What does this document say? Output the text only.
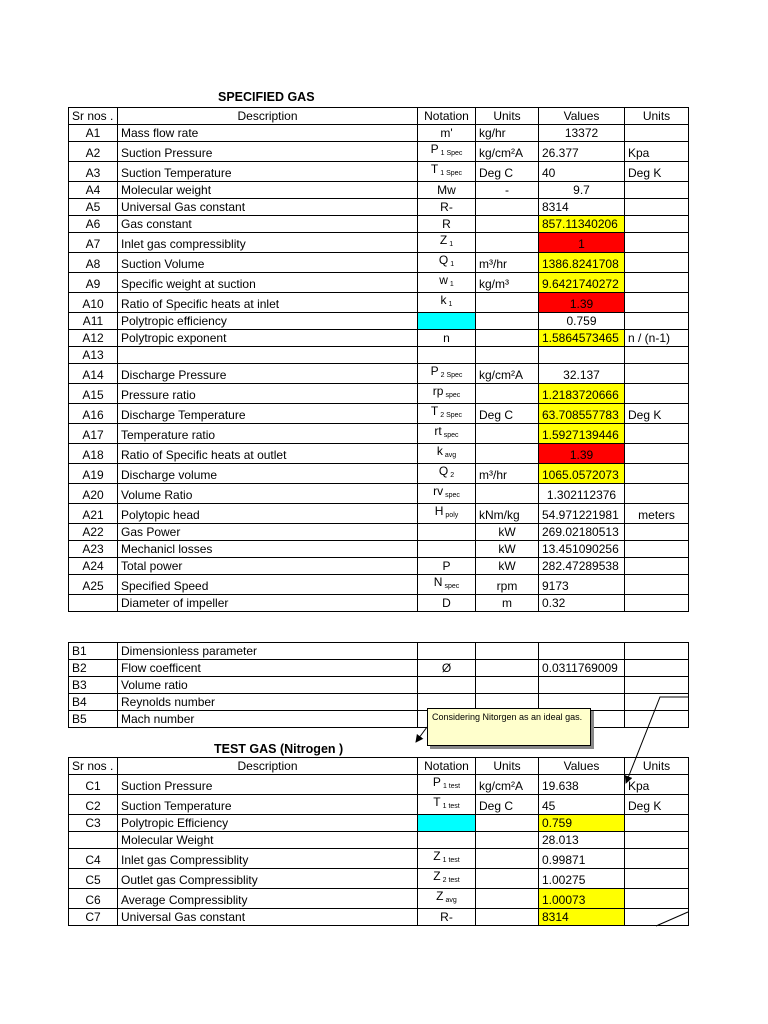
SPECIFIED GAS
Sr nos .	Description	Notation	Units	Values	Units
A1	Mass flow rate	m'	kg/hr	13372	
A2	Suction Pressure	P $_{1 Spec}$	kg/cm²A	26.377	Kpa
A3	Suction Temperature	T $_{1 Spec}$	Deg C	40	Deg K
A4	Molecular weight	Mw	-	9.7	
A5	Universal Gas constant	R-		8314	
A6	Gas constant	R		857.11340206	
A7	Inlet gas compressiblity	Z $_1$		1	
A8	Suction Volume	Q $_1$	m³/hr	1386.8241708	
A9	Specific weight at suction	w $_1$	kg/m³	9.6421740272	
A10	Ratio of Specific heats at inlet	k $_1$		1.39	
A11	Polytropic efficiency			0.759	
A12	Polytropic exponent	n		1.5864573465	n / (n-1)
A13					
A14	Discharge Pressure	P $_{2 Spec}$	kg/cm²A	32.137	
A15	Pressure ratio	rp $_{spec}$		1.2183720666	
A16	Discharge Temperature	T $_{2 Spec}$	Deg C	63.708557783	Deg K
A17	Temperature ratio	rt $_{spec}$		1.5927139446	
A18	Ratio of Specific heats at outlet	k $_{avg}$		1.39	
A19	Discharge volume	Q $_2$	m³/hr	1065.0572073	
A20	Volume Ratio	rv $_{spec}$		1.302112376	
A21	Polytopic head	H $_{poly}$	kNm/kg	54.971221981	meters
A22	Gas Power		kW	269.02180513	
A23	Mechanicl losses		kW	13.451090256	
A24	Total power	P	kW	282.47289538	
A25	Specified Speed	N $_{spec}$	rpm	9173	
	Diameter of impeller	D	m	0.32	
B1	Dimensionless parameter				
B2	Flow coefficent	Ø		0.0311769009	
B3	Volume ratio				
B4	Reynolds number				
B5	Mach number				
TEST GAS (Nitrogen )
Sr nos .	Description	Notation	Units	Values	Units
C1	Suction Pressure	P $_{1 test}$	kg/cm²A	19.638	Kpa
C2	Suction Temperature	T $_{1 test}$	Deg C	45	Deg K
C3	Polytropic Efficiency			0.759	
	Molecular Weight			28.013	
C4	Inlet gas Compressiblity	Z $_{1 test}$		0.99871	
C5	Outlet gas Compressiblity	Z $_{2 test}$		1.00275	
C6	Average Compressiblity	Z $_{avg}$		1.00073	
C7	Universal Gas constant	R-		8314	
Considering Nitorgen as an ideal gas.
